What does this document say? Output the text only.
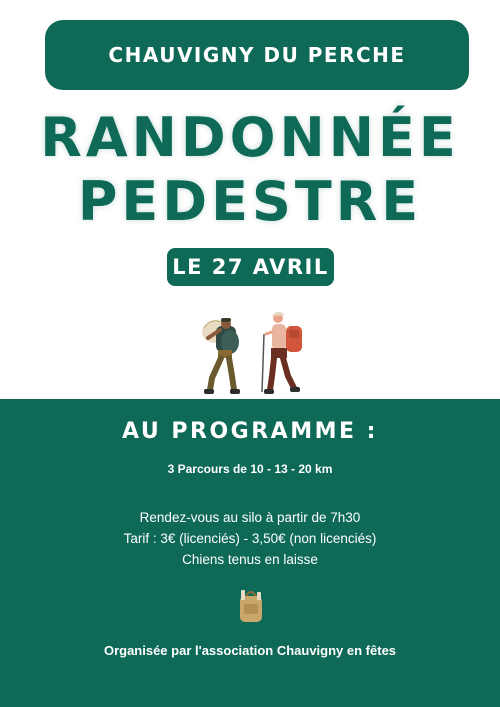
CHAUVIGNY DU PERCHE
RANDONNÉE
PEDESTRE
LE 27 AVRIL
AU PROGRAMME :
3 Parcours de 10 - 13 - 20 km
Rendez-vous au silo à partir de 7h30
Tarif : 3€ (licenciés) - 3,50€ (non licenciés)
Chiens tenus en laisse
Organisée par l'association Chauvigny en fêtes
